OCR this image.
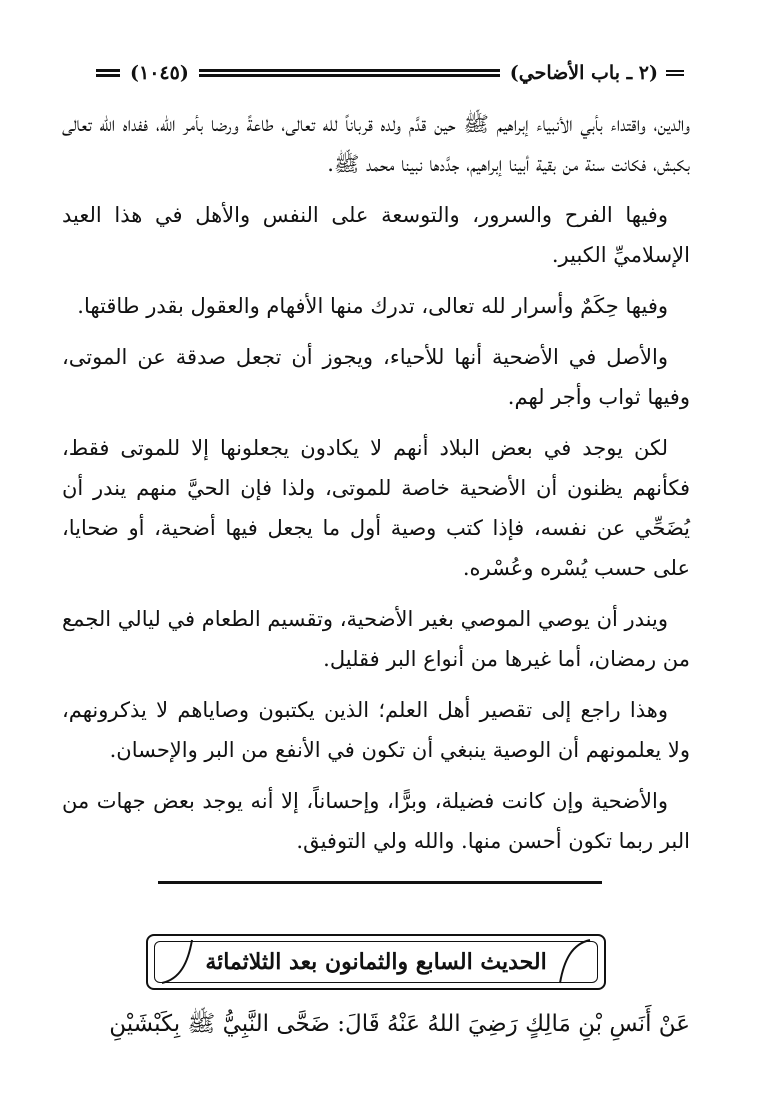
(٢ ـ باب الأضاحي)
(١٠٤٥)

والدين، واقتداء بأبي الأنبياء إبراهيم ﷺ حين قدَّم ولده قرباناً لله تعالى، طاعةً ورضا بأمر الله، ففداه الله تعالى بكبش، فكانت سنة من بقية أبينا إبراهيم، جدَّدها نبينا محمد ﷺ.

وفيها الفرح والسرور، والتوسعة على النفس والأهل في هذا العيد الإسلاميِّ الكبير.

وفيها حِكَمٌ وأسرار لله تعالى، تدرك منها الأفهام والعقول بقدر طاقتها.

والأصل في الأضحية أنها للأحياء، ويجوز أن تجعل صدقة عن الموتى، وفيها ثواب وأجر لهم.

لكن يوجد في بعض البلاد أنهم لا يكادون يجعلونها إلا للموتى فقط، فكأنهم يظنون أن الأضحية خاصة للموتى، ولذا فإن الحيَّ منهم يندر أن يُضَحِّي عن نفسه، فإذا كتب وصية أول ما يجعل فيها أضحية، أو ضحايا، على حسب يُسْره وعُسْره.

ويندر أن يوصي الموصي بغير الأضحية، وتقسيم الطعام في ليالي الجمع من رمضان، أما غيرها من أنواع البر فقليل.

وهذا راجع إلى تقصير أهل العلم؛ الذين يكتبون وصاياهم لا يذكرونهم، ولا يعلمونهم أن الوصية ينبغي أن تكون في الأنفع من البر والإحسان.

والأضحية وإن كانت فضيلة، وبرًّا، وإحساناً، إلا أنه يوجد بعض جهات من البر ربما تكون أحسن منها. والله ولي التوفيق.

الحديث السابع والثمانون بعد الثلاثمائة
عَنْ أَنَسِ بْنِ مَالِكٍ رَضِيَ اللهُ عَنْهُ قَالَ: ضَحَّى النَّبِيُّ ﷺ بِكَبْشَيْنِ
